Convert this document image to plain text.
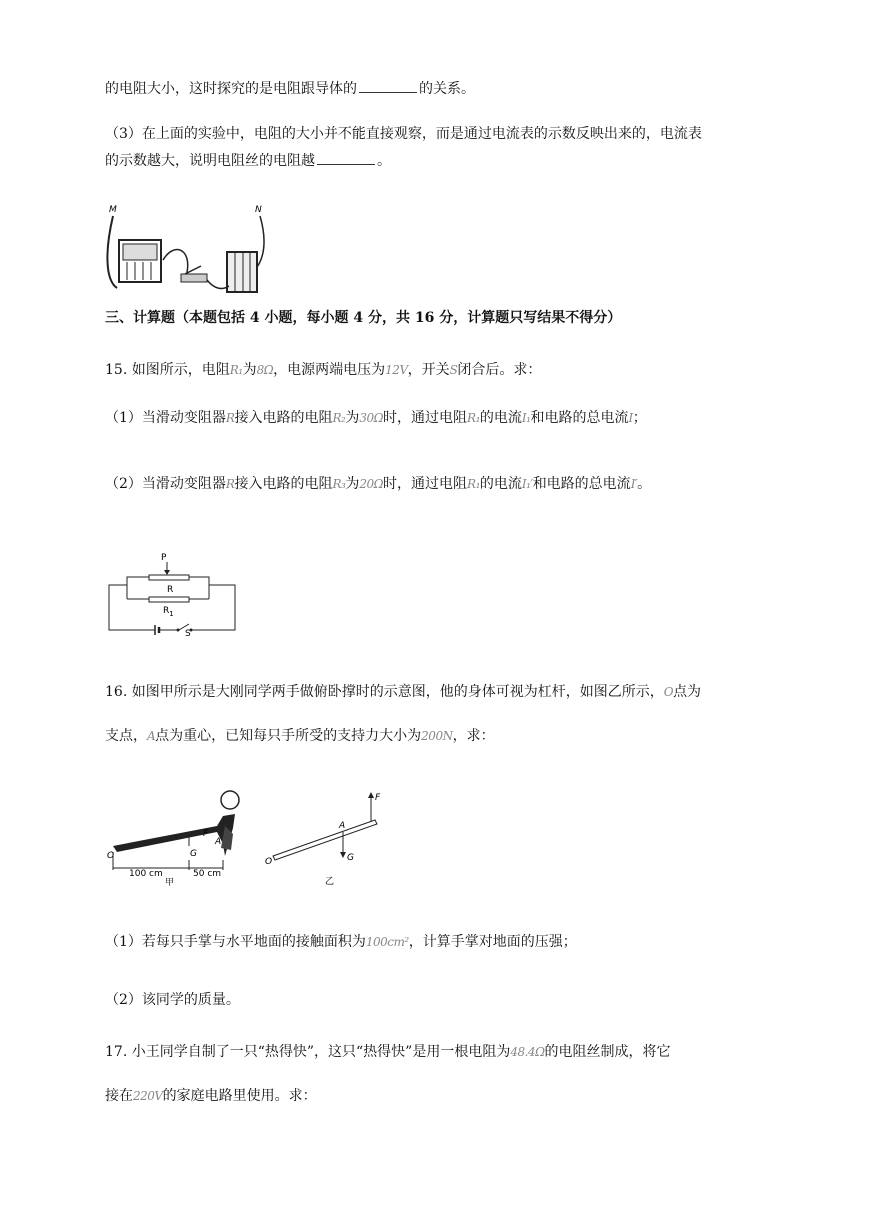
的电阻大小，这时探究的是电阻跟导体的	的关系。
（3）在上面的实验中，电阻的大小并不能直接观察，而是通过电流表的示数反映出来的，电流表
的示数越大，说明电阻丝的电阻越	。
M	N
三、计算题（本题包括 4 小题，每小题 4 分，共 16 分，计算题只写结果不得分）
15. 如图所示，电阻R₁为8Ω，电源两端电压为12V，开关S闭合后。求：
（1）当滑动变阻器R接入电路的电阻R₂为30Ω时，通过电阻R₁的电流I₁和电路的总电流I；
（2）当滑动变阻器R接入电路的电阻R₃为20Ω时，通过电阻R₁的电流I₁′和电路的总电流I′。
P
R
$R_1$
S
16. 如图甲所示是大刚同学两手做俯卧撑时的示意图，他的身体可视为杠杆，如图乙所示，O点为
支点，A点为重心，已知每只手所受的支持力大小为200N，求：
A
G
F
O
100 cm	50 cm
甲
F
A
G
O
乙
（1）若每只手掌与水平地面的接触面积为100cm²，计算手掌对地面的压强；
（2）该同学的质量。
17. 小王同学自制了一只“热得快”，这只“热得快”是用一根电阻为48.4Ω的电阻丝制成，将它
接在220V的家庭电路里使用。求：
